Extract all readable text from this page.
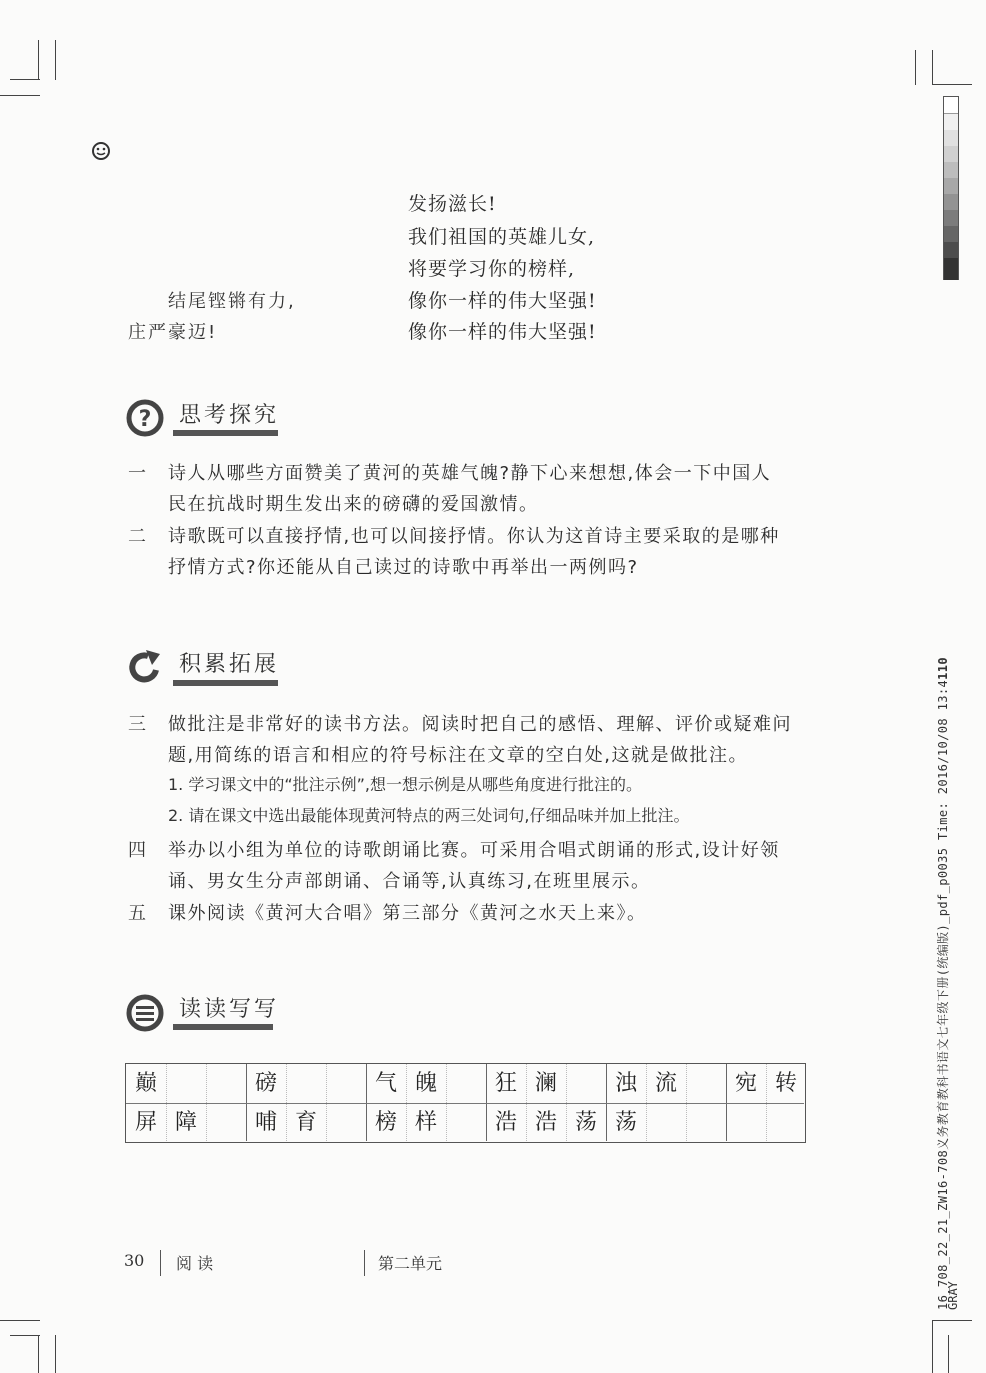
发扬滋长!
我们祖国的英雄儿女,
将要学习你的榜样,
像你一样的伟大坚强!
像你一样的伟大坚强!
结尾铿锵有力,
庄严豪迈!
? 思考探究
一 诗人从哪些方面赞美了黄河的英雄气魄?静下心来想想,体会一下中国人
民在抗战时期生发出来的磅礴的爱国激情。
二 诗歌既可以直接抒情,也可以间接抒情。你认为这首诗主要采取的是哪种
抒情方式?你还能从自己读过的诗歌中再举出一两例吗?
积累拓展
三 做批注是非常好的读书方法。阅读时把自己的感悟、理解、评价或疑难问
题,用简练的语言和相应的符号标注在文章的空白处,这就是做批注。
1. 学习课文中的“批注示例”,想一想示例是从哪些角度进行批注的。
2. 请在课文中选出最能体现黄河特点的两三处词句,仔细品味并加上批注。
四 举办以小组为单位的诗歌朗诵比赛。可采用合唱式朗诵的形式,设计好领
诵、男女生分声部朗诵、合诵等,认真练习,在班里展示。
五 课外阅读《黄河大合唱》第三部分《黄河之水天上来》。
读读写写
巅	磅	气 魄	狂 澜	浊 流	宛 转
屏 障	哺 育	榜 样	浩 浩 荡 荡
30 阅 读	第二单元	16_708_22_21_ZW16-708义务教育教科书语文七年级下册(统编版)_pdf_p0035 Time: 2016/10/08 13:4110
GRAY
